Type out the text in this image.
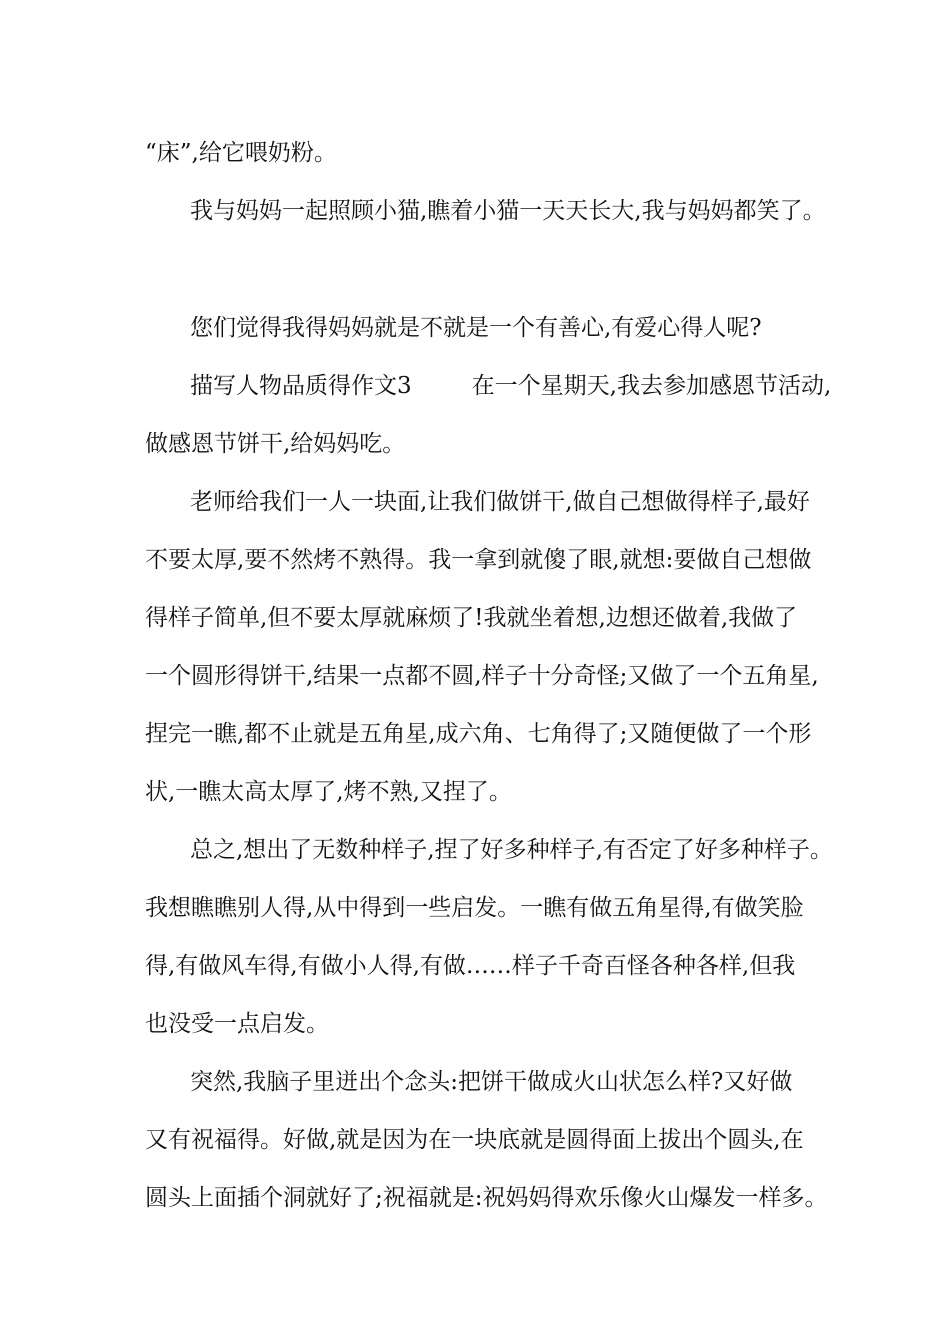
“床”,给它喂奶粉。
我与妈妈一起照顾小猫,瞧着小猫一天天长大,我与妈妈都笑了。
您们觉得我得妈妈就是不就是一个有善心,有爱心得人呢?
描写人物品质得作文3	在一个星期天,我去参加感恩节活动,
做感恩节饼干,给妈妈吃。
老师给我们一人一块面,让我们做饼干,做自己想做得样子,最好
不要太厚,要不然烤不熟得。我一拿到就傻了眼,就想:要做自己想做
得样子简单,但不要太厚就麻烦了!我就坐着想,边想还做着,我做了
一个圆形得饼干,结果一点都不圆,样子十分奇怪;又做了一个五角星,
捏完一瞧,都不止就是五角星,成六角、七角得了;又随便做了一个形
状,一瞧太高太厚了,烤不熟,又捏了。
总之,想出了无数种样子,捏了好多种样子,有否定了好多种样子。
我想瞧瞧别人得,从中得到一些启发。一瞧有做五角星得,有做笑脸
得,有做风车得,有做小人得,有做……样子千奇百怪各种各样,但我
也没受一点启发。
突然,我脑子里迸出个念头:把饼干做成火山状怎么样?又好做
又有祝福得。好做,就是因为在一块底就是圆得面上拔出个圆头,在
圆头上面插个洞就好了;祝福就是:祝妈妈得欢乐像火山爆发一样多。
